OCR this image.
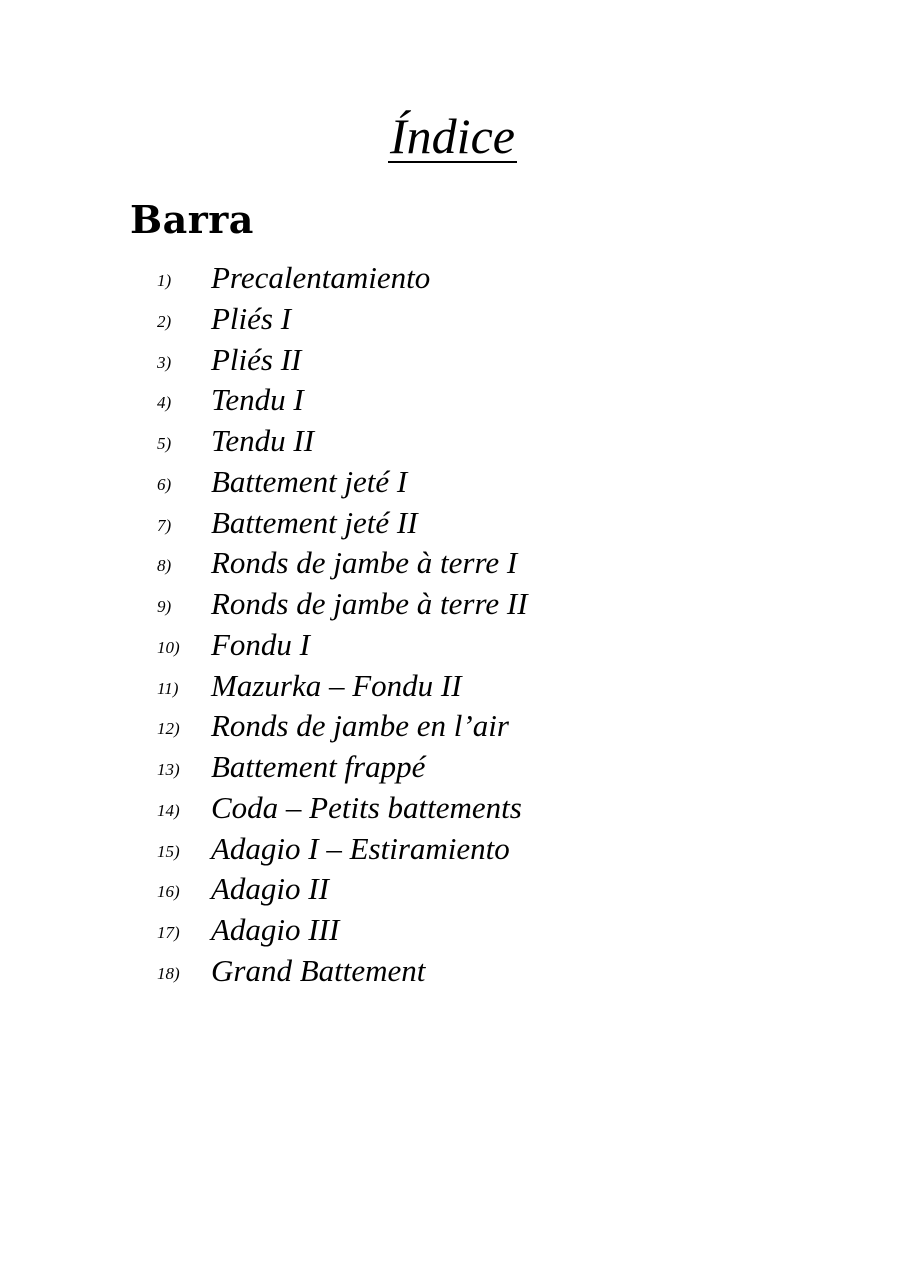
Índice
Barra
1) Precalentamiento
2) Pliés I
3) Pliés II
4) Tendu I
5) Tendu II
6) Battement jeté I
7) Battement jeté II
8) Ronds de jambe à terre I
9) Ronds de jambe à terre II
10) Fondu I
11) Mazurka – Fondu II
12) Ronds de jambe en l’air
13) Battement frappé
14) Coda – Petits battements
15) Adagio I – Estiramiento
16) Adagio II
17) Adagio III
18) Grand Battement
